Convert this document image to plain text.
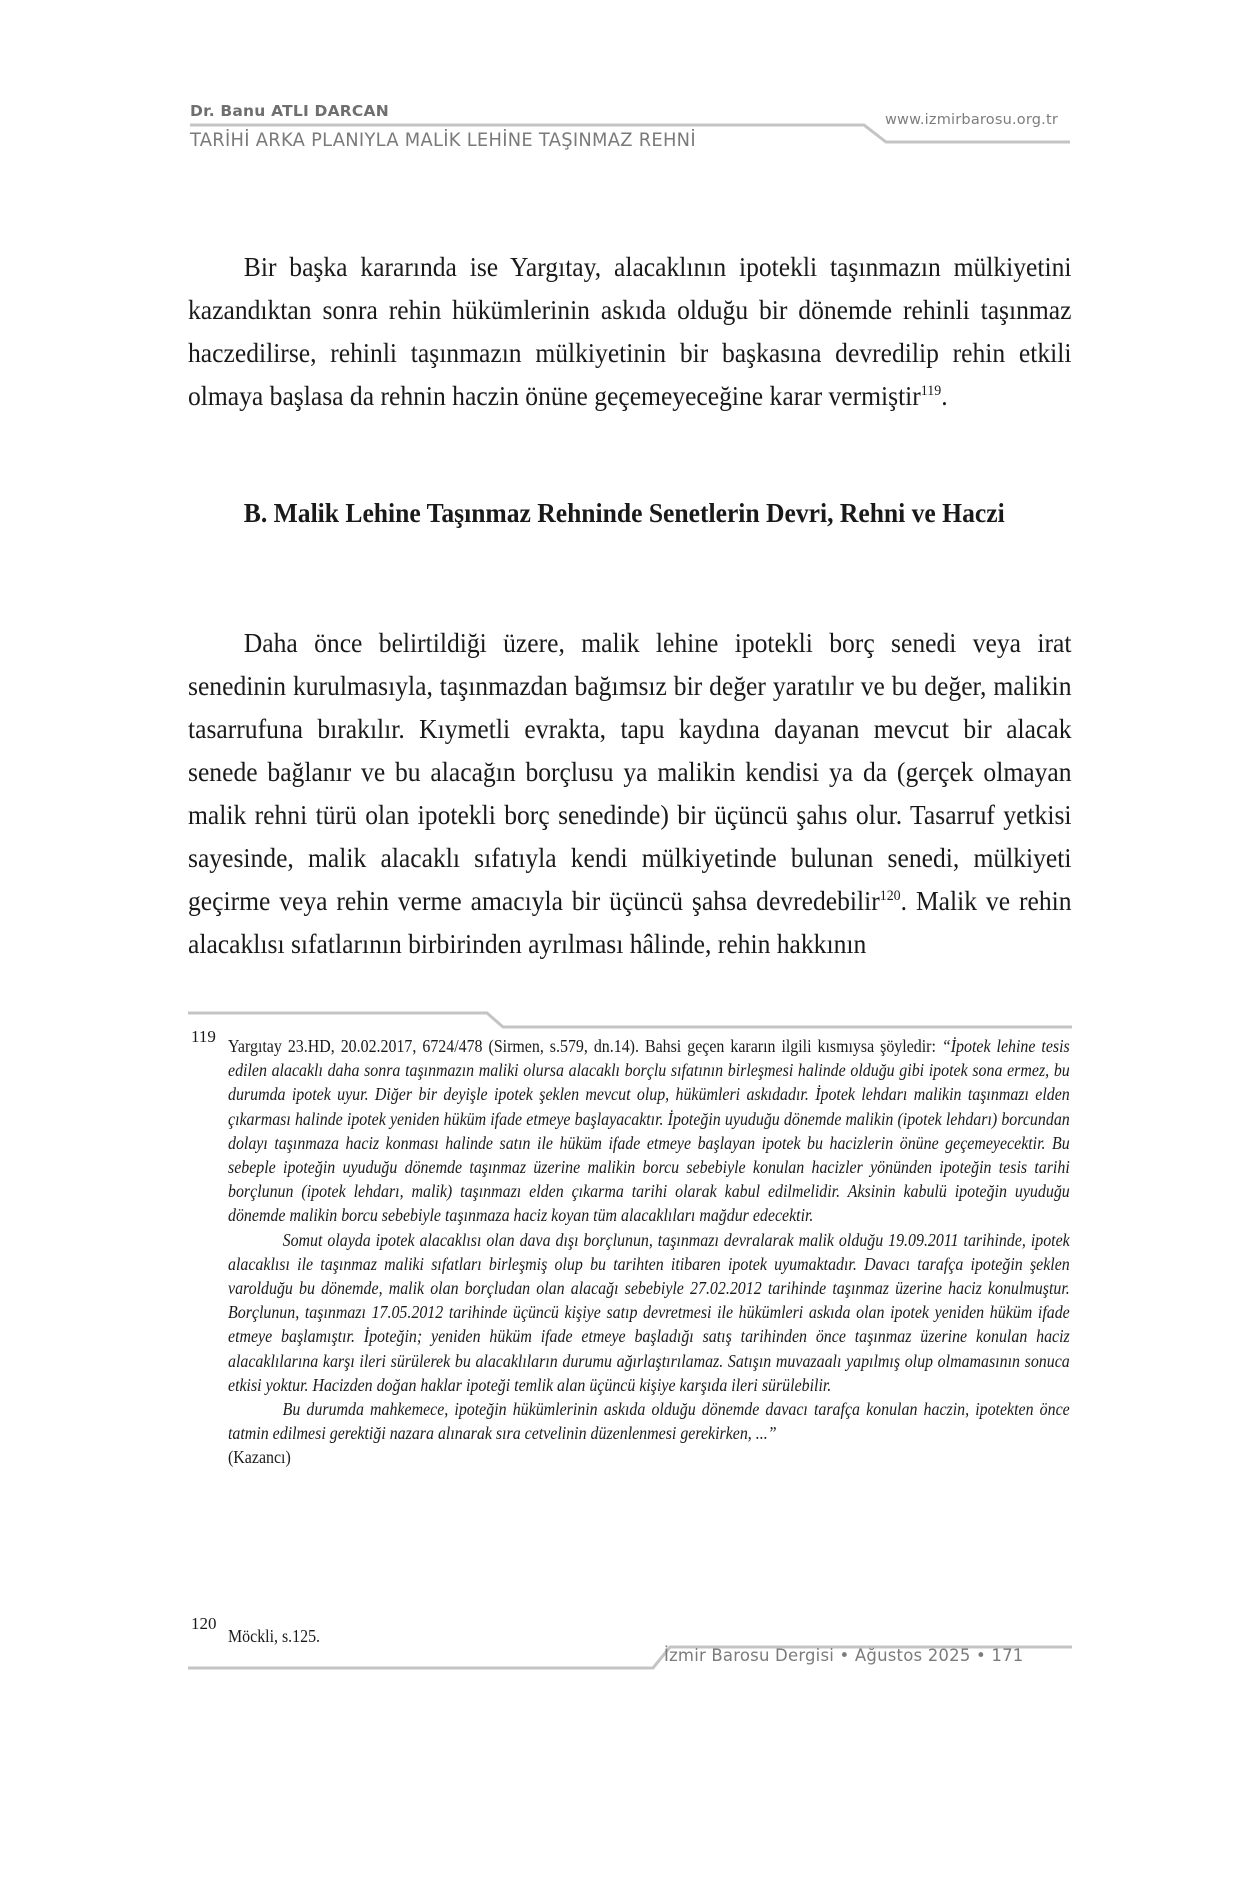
Dr. Banu ATLI DARCAN
TARİHİ ARKA PLANIYLA MALİK LEHİNE TAŞINMAZ REHNİ
www.izmirbarosu.org.tr

Bir başka kararında ise Yargıtay, alacaklının ipotekli taşınmazın mülkiyetini kazandıktan sonra rehin hükümlerinin askıda olduğu bir dönemde rehinli taşınmaz haczedilirse, rehinli taşınmazın mülkiyetinin bir başkasına devredilip rehin etkili olmaya başlasa da rehnin haczin önüne geçemeyeceğine karar vermiştir$^{119}$.

B. Malik Lehine Taşınmaz Rehninde Senetlerin Devri, Rehni ve Haczi

Daha önce belirtildiği üzere, malik lehine ipotekli borç senedi veya irat senedinin kurulmasıyla, taşınmazdan bağımsız bir değer yaratılır ve bu değer, malikin tasarrufuna bırakılır. Kıymetli evrakta, tapu kaydına dayanan mevcut bir alacak senede bağlanır ve bu alacağın borçlusu ya malikin kendisi ya da (gerçek olmayan malik rehni türü olan ipotekli borç senedinde) bir üçüncü şahıs olur. Tasarruf yetkisi sayesinde, malik alacaklı sıfatıyla kendi mülkiyetinde bulunan senedi, mülkiyeti geçirme veya rehin verme amacıyla bir üçüncü şahsa devredebilir$^{120}$. Malik ve rehin alacaklısı sıfatlarının birbirinden ayrılması hâlinde, rehin hakkının

119 Yargıtay 23.HD, 20.02.2017, 6724/478 (Sirmen, s.579, dn.14). Bahsi geçen kararın ilgili kısmıysa şöyledir: “İpotek lehine tesis edilen alacaklı daha sonra taşınmazın maliki olursa alacaklı borçlu sıfatının birleşmesi halinde olduğu gibi ipotek sona ermez, bu durumda ipotek uyur. Diğer bir deyişle ipotek şeklen mevcut olup, hükümleri askıdadır. İpotek lehdarı malikin taşınmazı elden çıkarması halinde ipotek yeniden hüküm ifade etmeye başlayacaktır. İpoteğin uyuduğu dönemde malikin (ipotek lehdarı) borcundan dolayı taşınmaza haciz konması halinde satın ile hüküm ifade etmeye başlayan ipotek bu hacizlerin önüne geçemeyecektir. Bu sebeple ipoteğin uyuduğu dönemde taşınmaz üzerine malikin borcu sebebiyle konulan hacizler yönünden ipoteğin tesis tarihi borçlunun (ipotek lehdarı, malik) taşınmazı elden çıkarma tarihi olarak kabul edilmelidir. Aksinin kabulü ipoteğin uyuduğu dönemde malikin borcu sebebiyle taşınmaza haciz koyan tüm alacaklıları mağdur edecektir.
Somut olayda ipotek alacaklısı olan dava dışı borçlunun, taşınmazı devralarak malik olduğu 19.09.2011 tarihinde, ipotek alacaklısı ile taşınmaz maliki sıfatları birleşmiş olup bu tarihten itibaren ipotek uyumaktadır. Davacı tarafça ipoteğin şeklen varolduğu bu dönemde, malik olan borçludan olan alacağı sebebiyle 27.02.2012 tarihinde taşınmaz üzerine haciz konulmuştur. Borçlunun, taşınmazı 17.05.2012 tarihinde üçüncü kişiye satıp devretmesi ile hükümleri askıda olan ipotek yeniden hüküm ifade etmeye başlamıştır. İpoteğin; yeniden hüküm ifade etmeye başladığı satış tarihinden önce taşınmaz üzerine konulan haciz alacaklılarına karşı ileri sürülerek bu alacaklıların durumu ağırlaştırılamaz. Satışın muvazaalı yapılmış olup olmamasının sonuca etkisi yoktur. Hacizden doğan haklar ipoteği temlik alan üçüncü kişiye karşıda ileri sürülebilir.
Bu durumda mahkemece, ipoteğin hükümlerinin askıda olduğu dönemde davacı tarafça konulan haczin, ipotekten önce tatmin edilmesi gerektiği nazara alınarak sıra cetvelinin düzenlenmesi gerekirken, ...”
(Kazancı)
120
Möckli, s.125.
İzmir Barosu Dergisi • Ağustos 2025 • 171
